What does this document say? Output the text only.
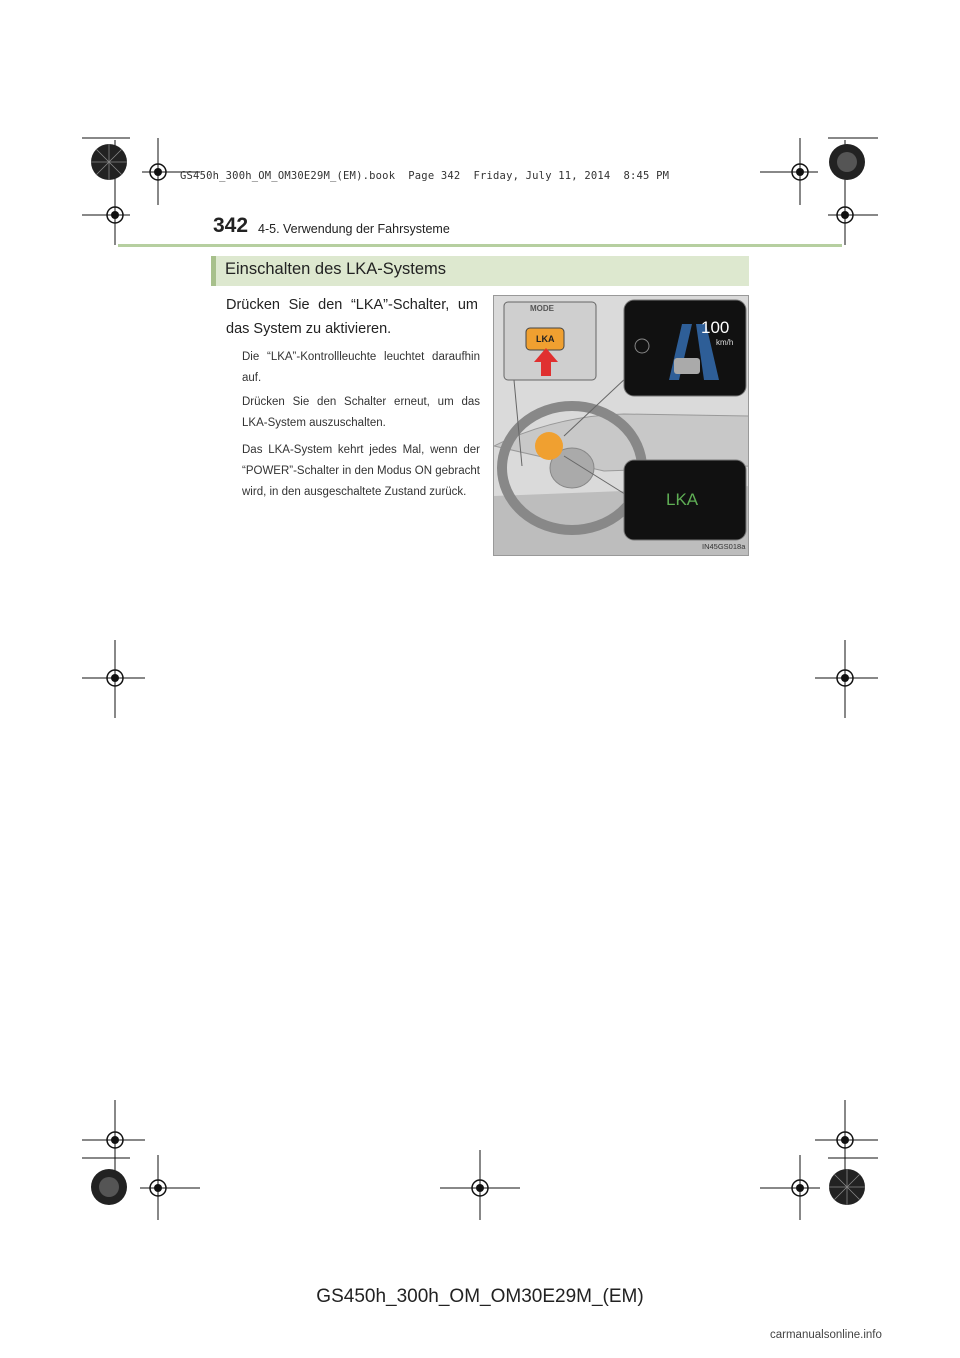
GS450h_300h_OM_OM30E29M_(EM).book  Page 342  Friday, July 11, 2014  8:45 PM
342 4-5. Verwendung der Fahrsysteme
Einschalten des LKA-Systems
Drücken Sie den “LKA”-Schalter, um das System zu aktivieren.
Die “LKA”-Kontrollleuchte leuchtet daraufhin auf.
Drücken Sie den Schalter erneut, um das LKA-System auszuschalten.
Das LKA-System kehrt jedes Mal, wenn der “POWER”-Schalter in den Modus ON gebracht wird, in den ausgeschaltete Zustand zurück.
MODE
LKA
100
km/h
LKA
IN45GS018a
GS450h_300h_OM_OM30E29M_(EM)
carmanualsonline.info
